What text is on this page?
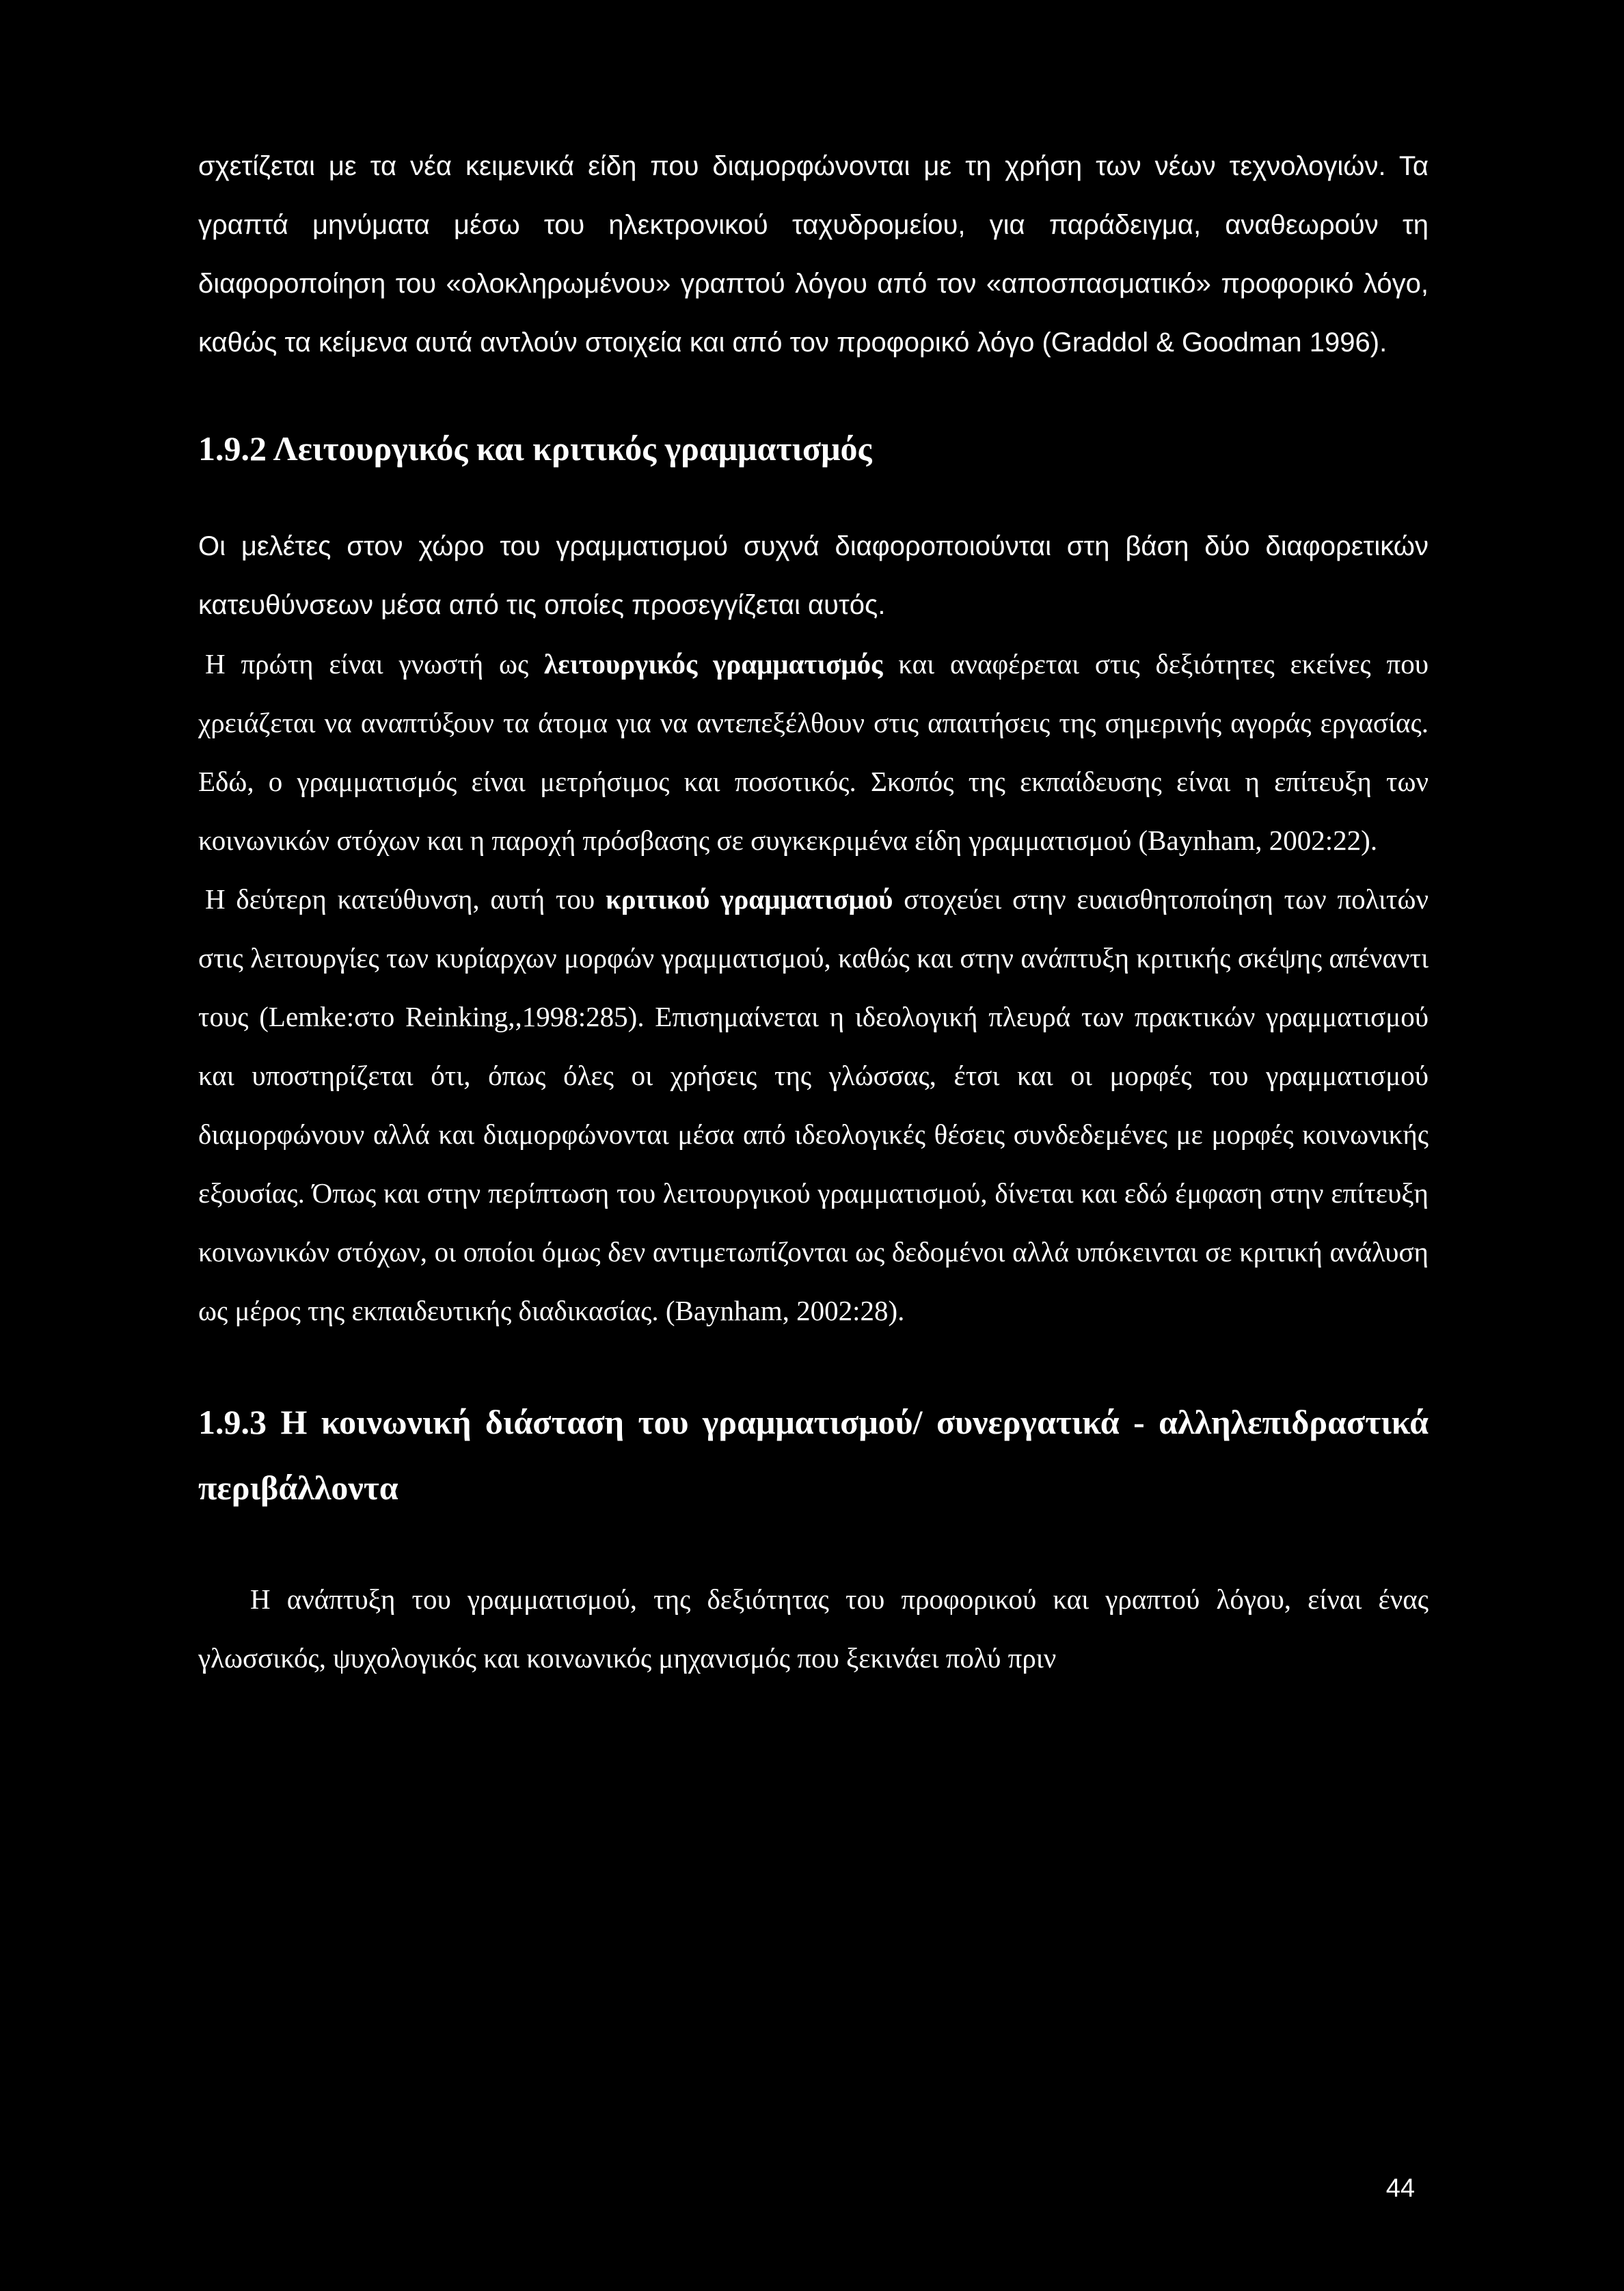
σχετίζεται με τα νέα κειμενικά είδη που διαμορφώνονται με τη χρήση των νέων τεχνολογιών. Τα γραπτά μηνύματα μέσω του ηλεκτρονικού ταχυδρομείου, για παράδειγμα, αναθεωρούν τη διαφοροποίηση του «ολοκληρωμένου» γραπτού λόγου από τον «αποσπασματικό» προφορικό λόγο, καθώς τα κείμενα αυτά αντλούν στοιχεία και από τον προφορικό λόγο (Graddol & Goodman 1996).

1.9.2 Λειτουργικός και κριτικός γραμματισμός

Οι μελέτες στον χώρο του γραμματισμού συχνά διαφοροποιούνται στη βάση δύο διαφορετικών κατευθύνσεων μέσα από τις οποίες προσεγγίζεται αυτός.

Η πρώτη είναι γνωστή ως λειτουργικός γραμματισμός και αναφέρεται στις δεξιότητες εκείνες που χρειάζεται να αναπτύξουν τα άτομα για να αντεπεξέλθουν στις απαιτήσεις της σημερινής αγοράς εργασίας. Εδώ, ο γραμματισμός είναι μετρήσιμος και ποσοτικός. Σκοπός της εκπαίδευσης είναι η επίτευξη των κοινωνικών στόχων και η παροχή πρόσβασης σε συγκεκριμένα είδη γραμματισμού (Baynham, 2002:22).

Η δεύτερη κατεύθυνση, αυτή του κριτικού γραμματισμού στοχεύει στην ευαισθητοποίηση των πολιτών στις λειτουργίες των κυρίαρχων μορφών γραμματισμού, καθώς και στην ανάπτυξη κριτικής σκέψης απέναντι τους (Lemke:στο Reinking,,1998:285). Επισημαίνεται η ιδεολογική πλευρά των πρακτικών γραμματισμού και υποστηρίζεται ότι, όπως όλες οι χρήσεις της γλώσσας, έτσι και οι μορφές του γραμματισμού διαμορφώνουν αλλά και διαμορφώνονται μέσα από ιδεολογικές θέσεις συνδεδεμένες με μορφές κοινωνικής εξουσίας. Όπως και στην περίπτωση του λειτουργικού γραμματισμού, δίνεται και εδώ έμφαση στην επίτευξη κοινωνικών στόχων, οι οποίοι όμως δεν αντιμετωπίζονται ως δεδομένοι αλλά υπόκεινται σε κριτική ανάλυση ως μέρος της εκπαιδευτικής διαδικασίας. (Baynham, 2002:28).

1.9.3 Η κοινωνική διάσταση του γραμματισμού/ συνεργατικά - αλληλεπιδραστικά περιβάλλοντα

Η ανάπτυξη του γραμματισμού, της δεξιότητας του προφορικού και γραπτού λόγου, είναι ένας γλωσσικός, ψυχολογικός και κοινωνικός μηχανισμός που ξεκινάει πολύ πριν

44
